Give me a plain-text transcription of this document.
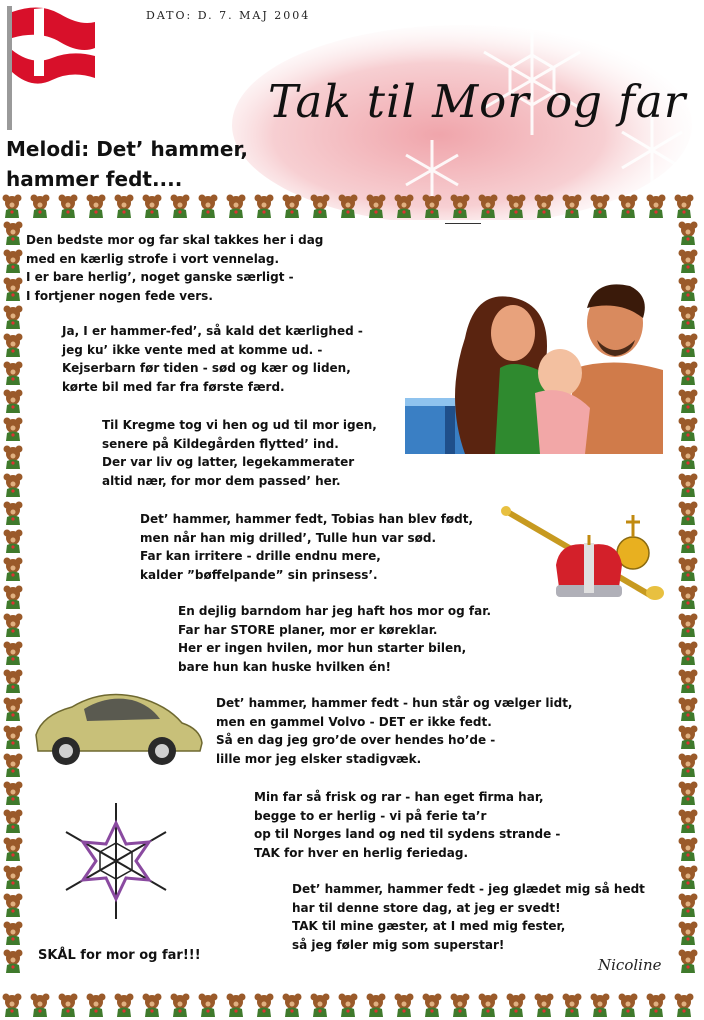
DATO: D. 7. MAJ 2004
Tak til Mor og far
Melodi: Det’ hammer,
hammer fedt....
Den bedste mor og far skal takkes her i dag
med en kærlig strofe i vort vennelag.
I er bare herlig’, noget ganske særligt -
I fortjener nogen fede vers.
Ja, I er hammer-fed’, så kald det kærlighed -
jeg ku’ ikke vente med at komme ud. -
Kejserbarn før tiden - sød og kær og liden,
kørte bil med far fra første færd.
Til Kregme tog vi hen og ud til mor igen,
senere på Kildegården flytted’ ind.
Der var liv og latter, legekammerater
altid nær, for mor dem passed’ her.
Det’ hammer, hammer fedt, Tobias han blev født,
men når han mig drilled’, Tulle hun var sød.
Far kan irritere - drille endnu mere,
kalder ”bøffelpande” sin prinsess’.
En dejlig barndom har jeg haft hos mor og far.
Far har STORE planer, mor er køreklar.
Her er ingen hvilen, mor hun starter bilen,
bare hun kan huske hvilken én!
Det’ hammer, hammer fedt - hun står og vælger lidt,
men en gammel Volvo - DET er ikke fedt.
Så en dag jeg gro’de over hendes ho’de -
lille mor jeg elsker stadigvæk.
Min far så frisk og rar - han eget firma har,
begge to er herlig - vi på ferie ta’r
op til Norges land og ned til sydens strande -
TAK for hver en herlig feriedag.
Det’ hammer, hammer fedt - jeg glædet mig så hedt
har til denne store dag, at jeg er svedt!
TAK til mine gæster, at I med mig fester,
så jeg føler mig som superstar!
SKÅL for mor og far!!!
Nicoline
